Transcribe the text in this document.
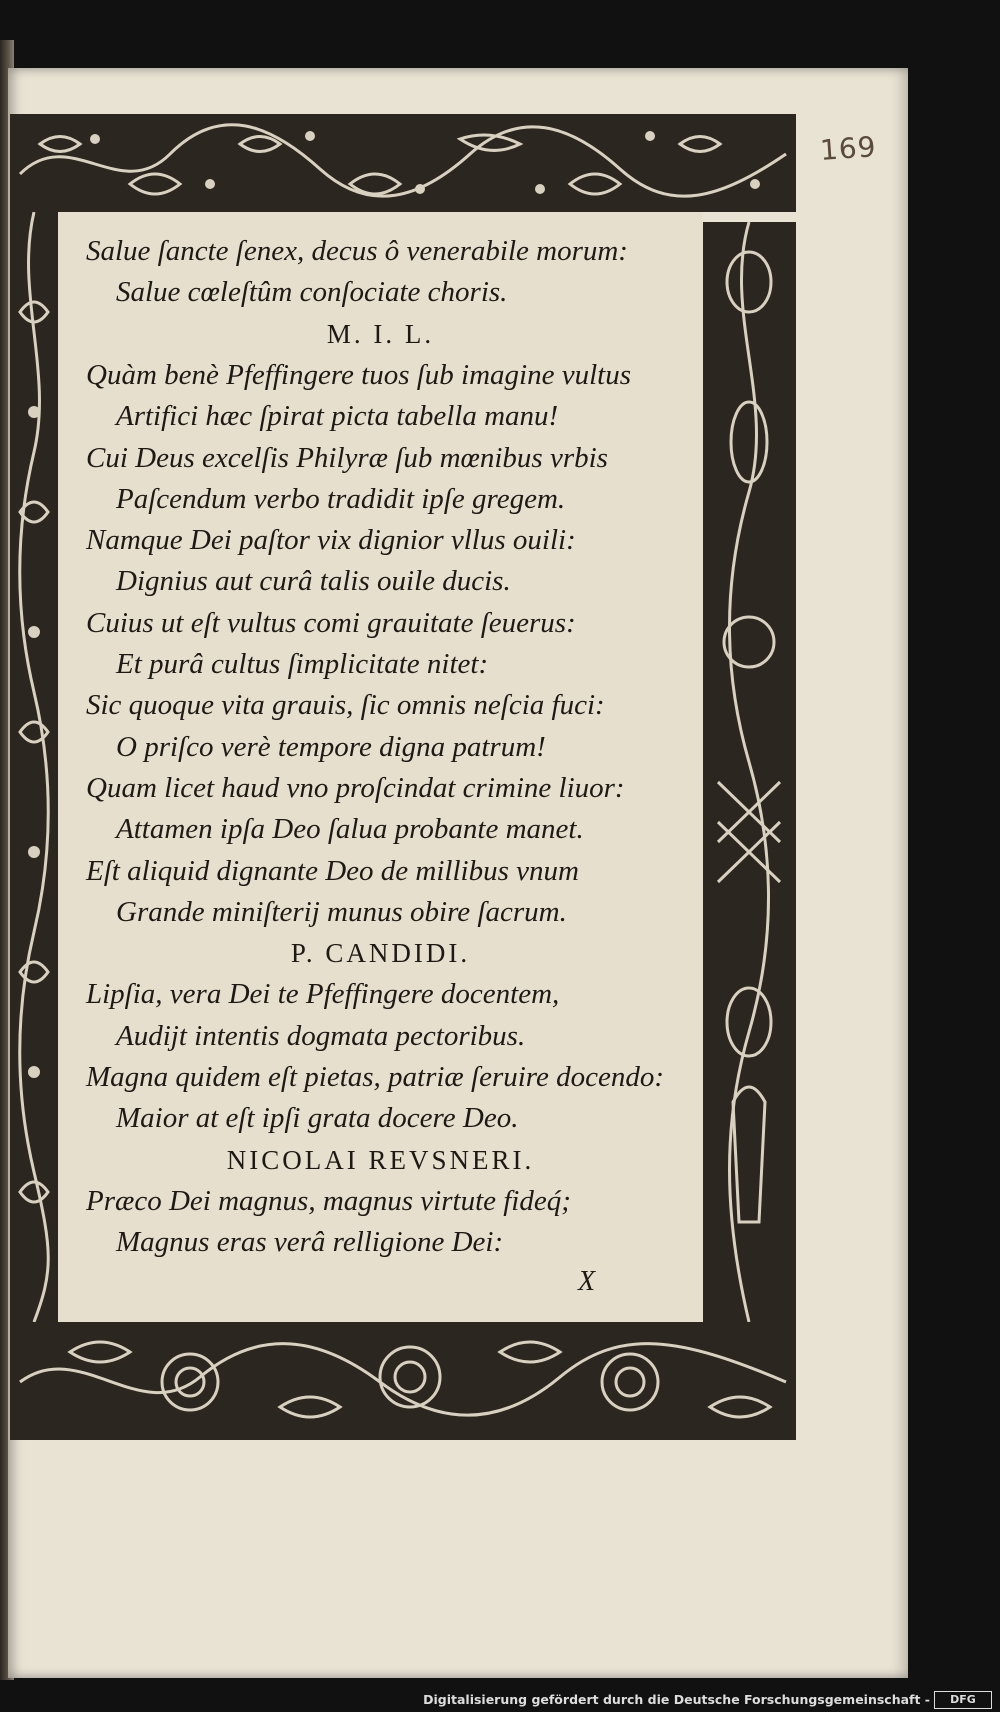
169
Salue ſancte ſenex, decus ô venerabile morum:
Salue cœleſtûm conſociate choris.
M. I. L.
Quàm benè Pfeffingere tuos ſub imagine vultus
Artifici hæc ſpirat picta tabella manu!
Cui Deus excelſis Philyræ ſub mœnibus vrbis
Paſcendum verbo tradidit ipſe gregem.
Namque Dei paſtor vix dignior vllus ouili:
Dignius aut curâ talis ouile ducis.
Cuius ut eſt vultus comi grauitate ſeuerus:
Et purâ cultus ſimplicitate nitet:
Sic quoque vita grauis, ſic omnis neſcia fuci:
O priſco verè tempore digna patrum!
Quam licet haud vno proſcindat crimine liuor:
Attamen ipſa Deo ſalua probante manet.
Eſt aliquid dignante Deo de millibus vnum
Grande miniſterij munus obire ſacrum.
P. CANDIDI.
Lipſia, vera Dei te Pfeffingere docentem,
Audijt intentis dogmata pectoribus.
Magna quidem eſt pietas, patriæ ſeruire docendo:
Maior at eſt ipſi grata docere Deo.
NICOLAI REVSNERI.
Præco Dei magnus, magnus virtute fideq́;
Magnus eras verâ relligione Dei:
X
Digitalisierung gefördert durch die Deutsche Forschungsgemeinschaft -	DFG
